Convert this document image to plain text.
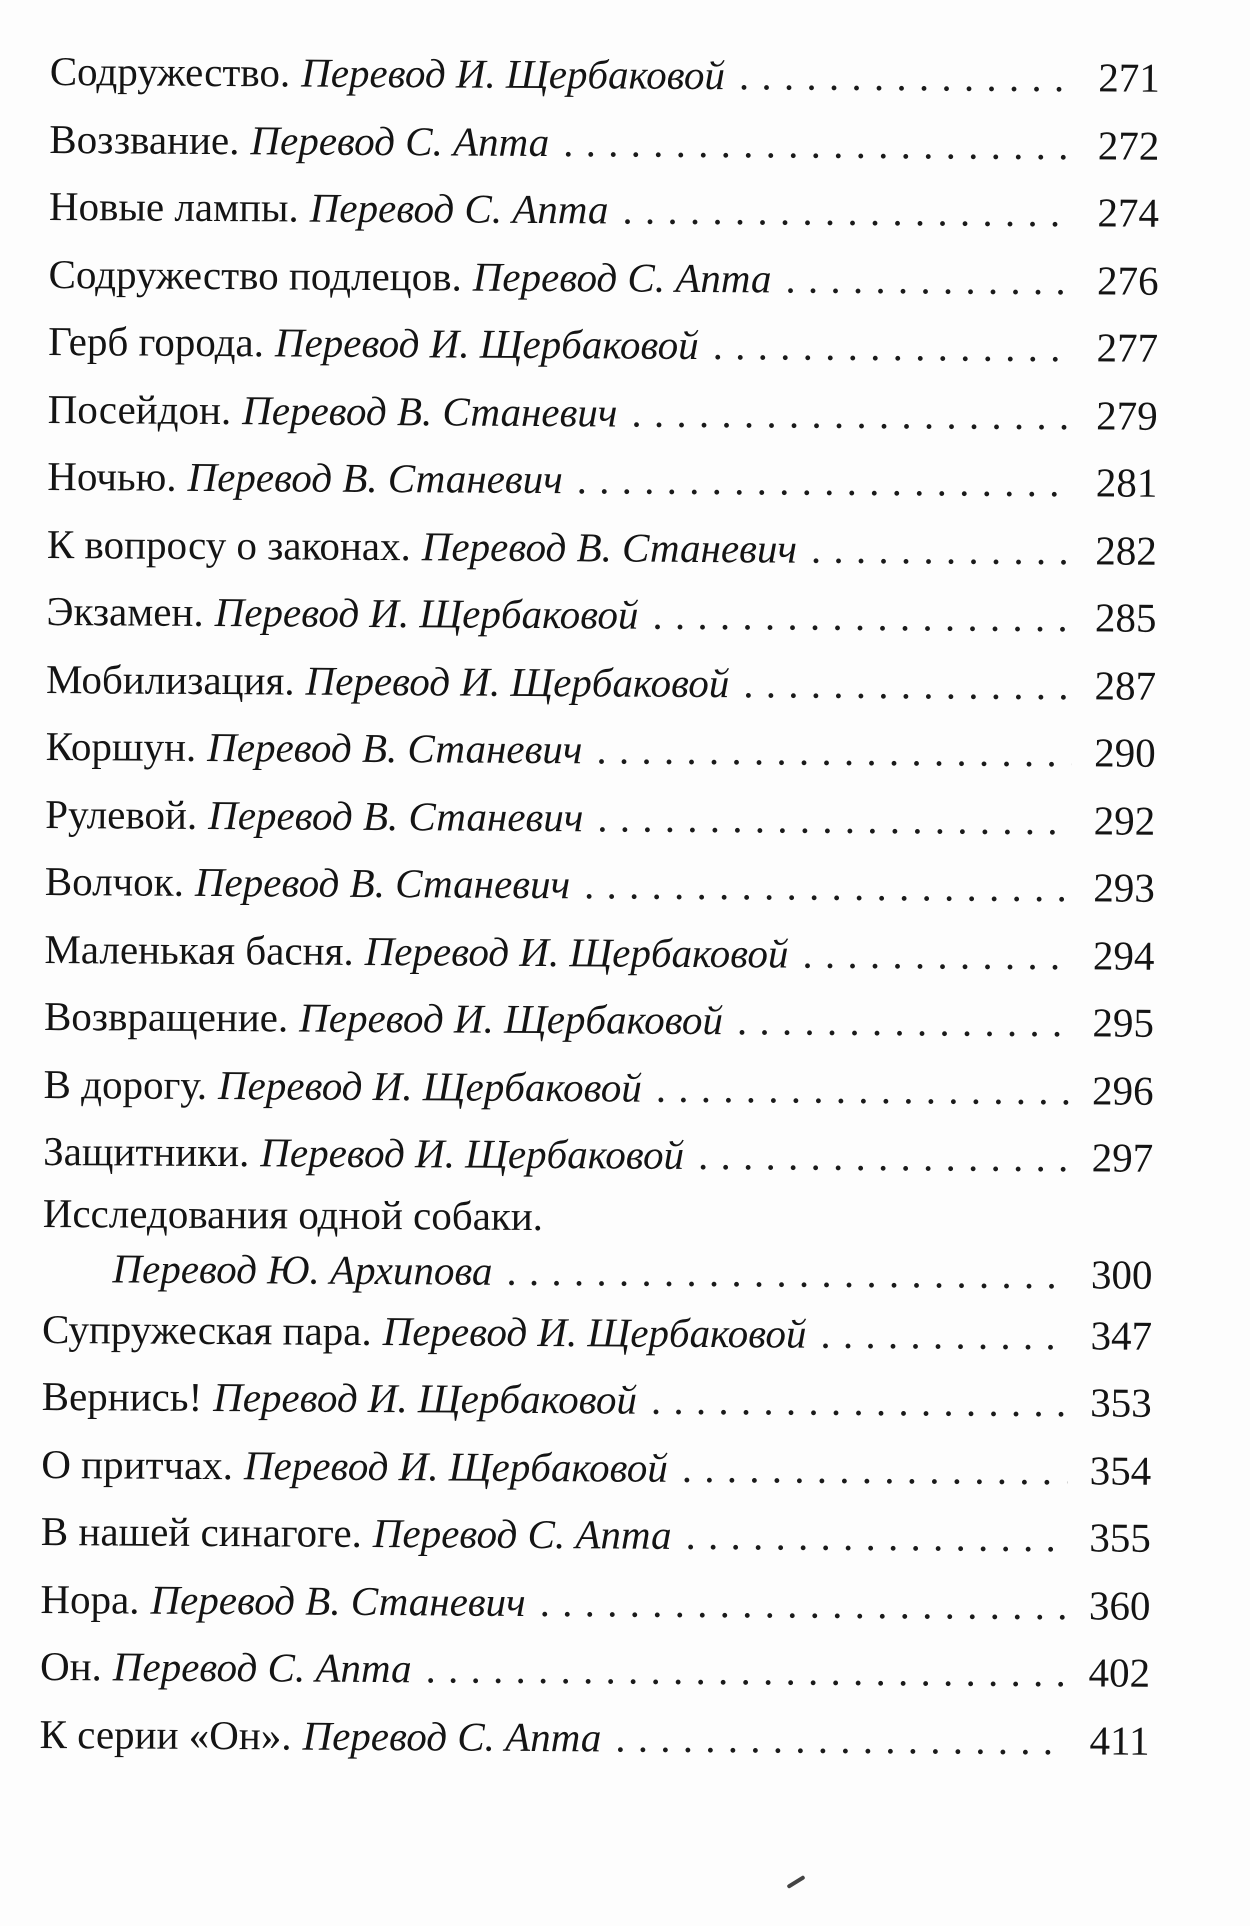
Содружество. Перевод И. Щербаковой . . .	271
Воззвание. Перевод С. Апта . . .	272
Новые лампы. Перевод С. Апта . . .	274
Содружество подлецов. Перевод С. Апта . . .	276
Герб города. Перевод И. Щербаковой . . .	277
Посейдон. Перевод В. Станевич . . .	279
Ночью. Перевод В. Станевич . . .	281
К вопросу о законах. Перевод В. Станевич . . .	282
Экзамен. Перевод И. Щербаковой . . .	285
Мобилизация. Перевод И. Щербаковой . . .	287
Коршун. Перевод В. Станевич . . .	290
Рулевой. Перевод В. Станевич . . .	292
Волчок. Перевод В. Станевич . . .	293
Маленькая басня. Перевод И. Щербаковой . . .	294
Возвращение. Перевод И. Щербаковой . . .	295
В дорогу. Перевод И. Щербаковой . . .	296
Защитники. Перевод И. Щербаковой . . .	297
Исследования одной собаки.
Перевод Ю. Архипова . . .	300
Супружеская пара. Перевод И. Щербаковой . . .	347
Вернись! Перевод И. Щербаковой . . .	353
О притчах. Перевод И. Щербаковой . . .	354
В нашей синагоге. Перевод С. Апта . . .	355
Нора. Перевод В. Станевич . . .	360
Он. Перевод С. Апта . . .	402
К серии «Он». Перевод С. Апта . . .	411
